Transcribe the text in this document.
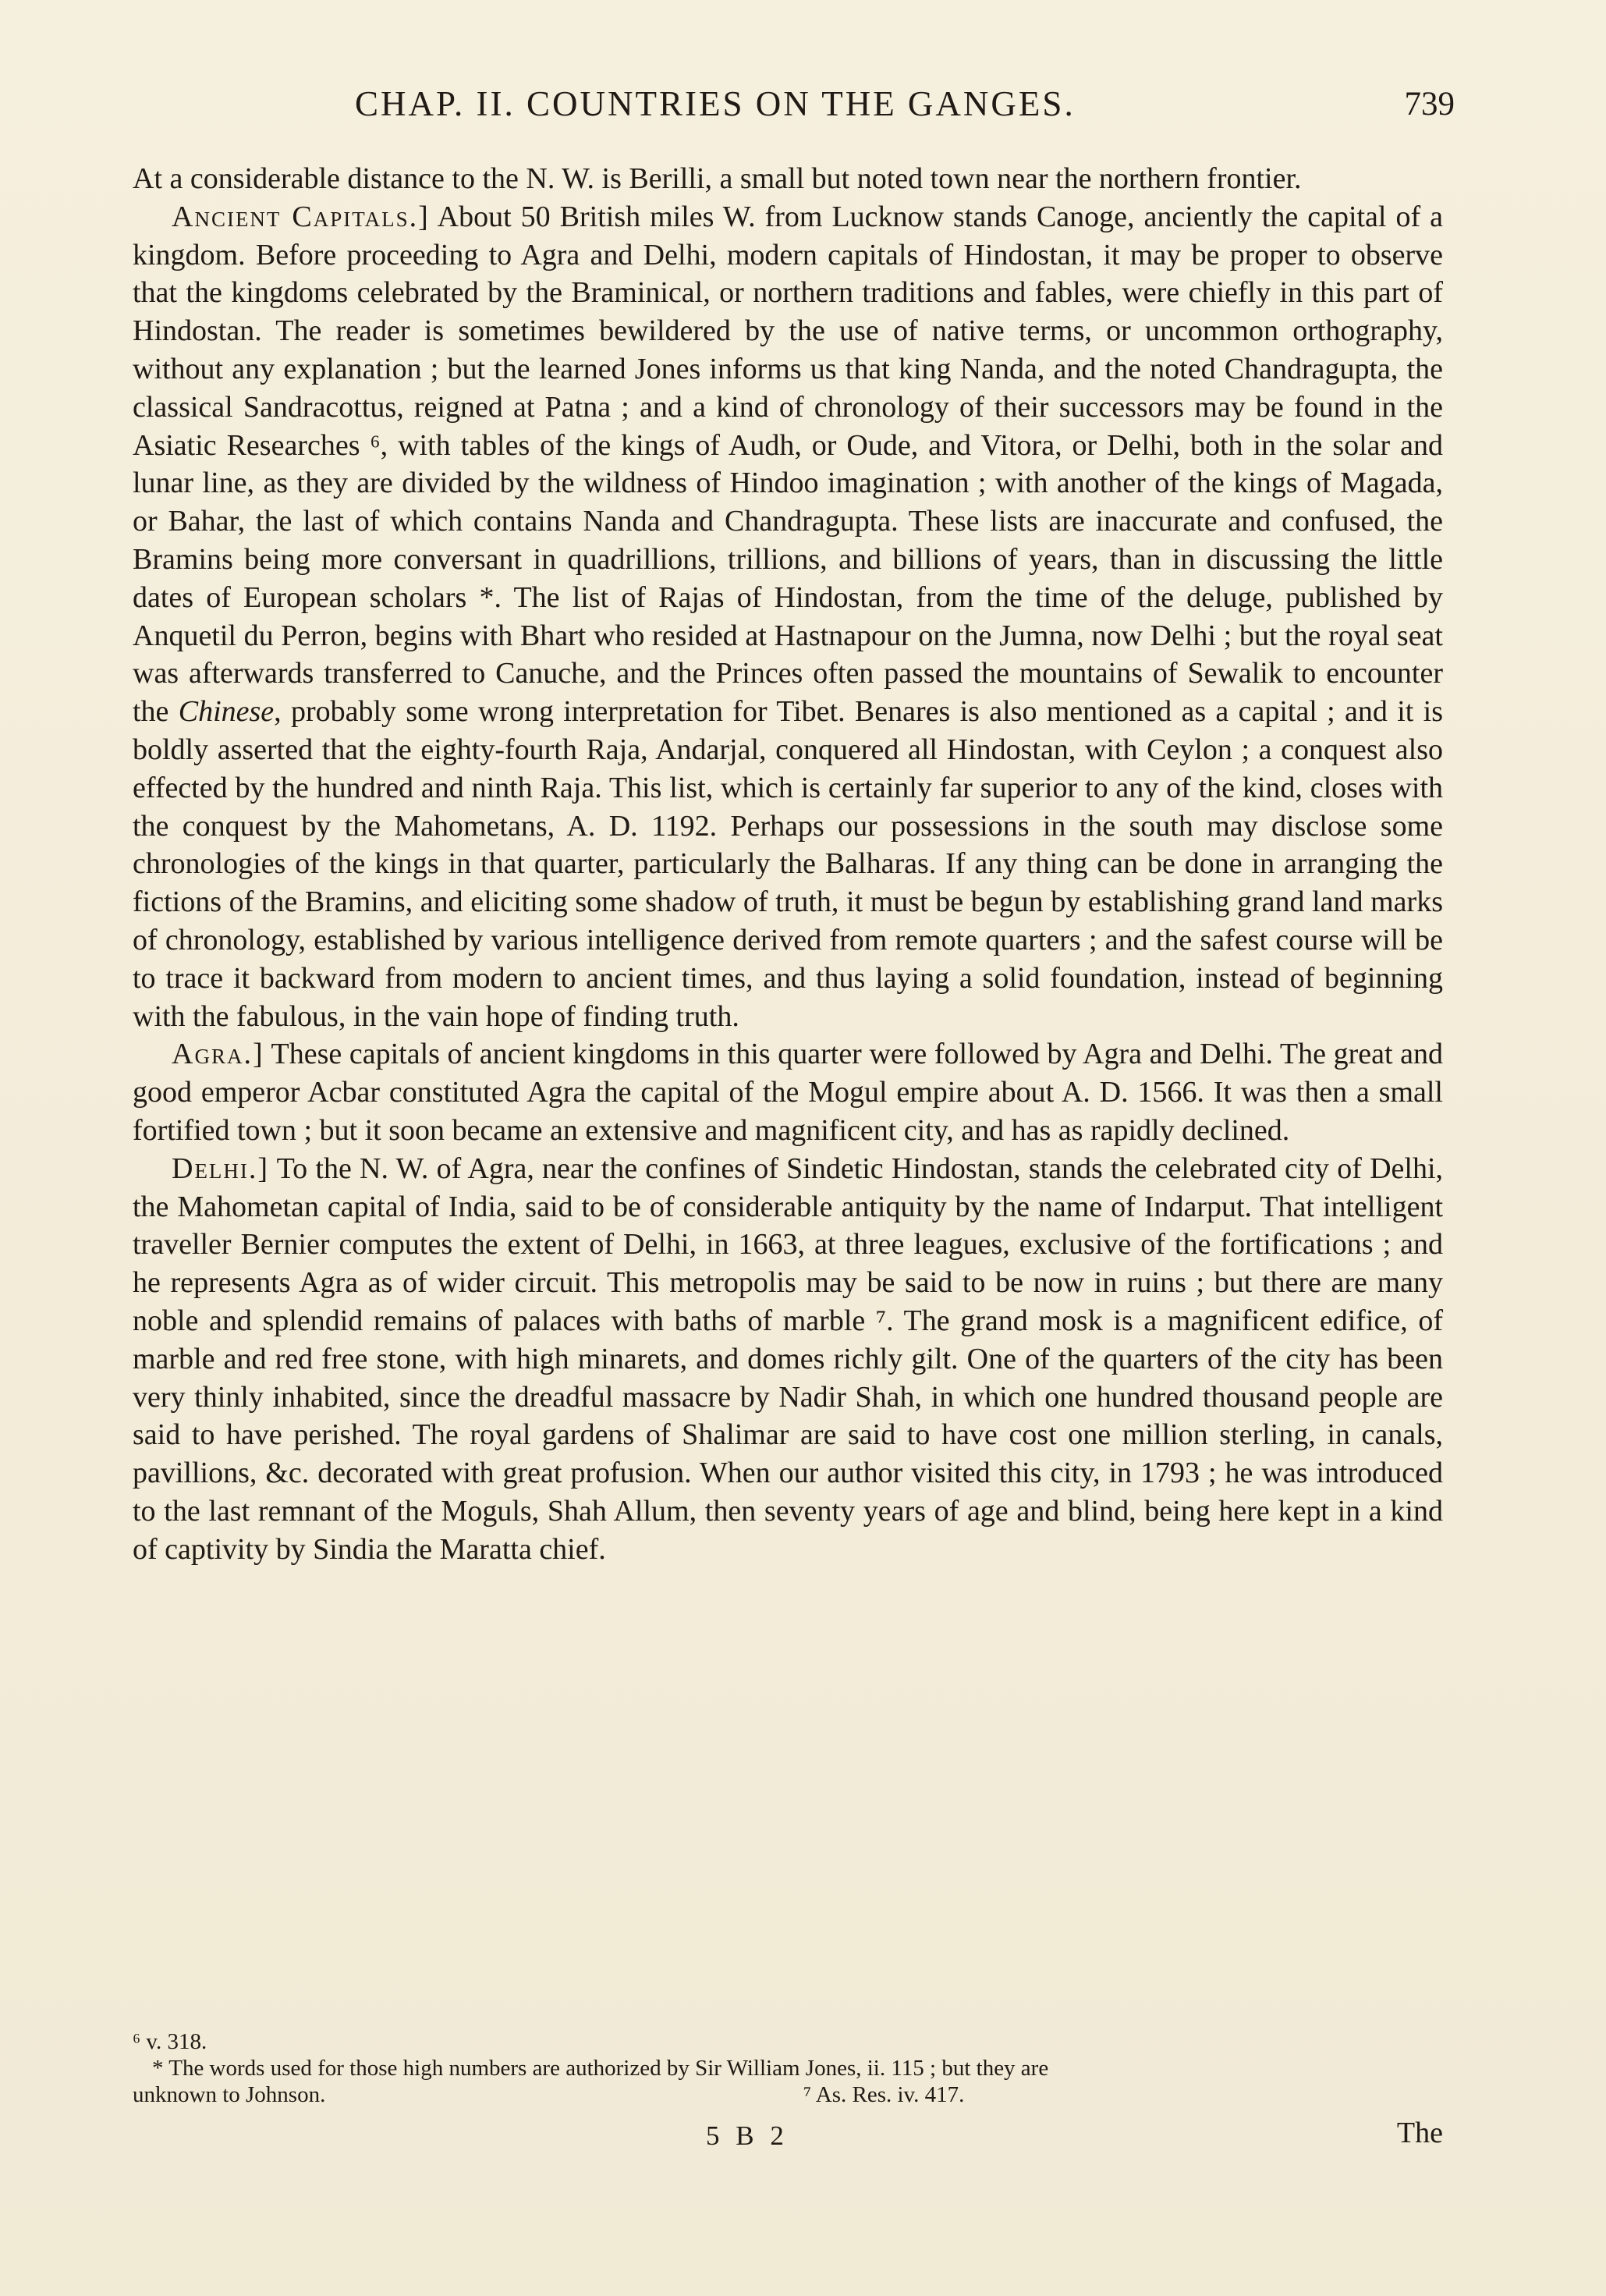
CHAP. II. COUNTRIES ON THE GANGES.	739

At a considerable distance to the N. W. is Berilli, a small but noted town near the northern frontier.

Ancient Capitals.] About 50 British miles W. from Lucknow stands Canoge, anciently the capital of a kingdom. Before proceeding to Agra and Delhi, modern capitals of Hindostan, it may be proper to observe that the kingdoms celebrated by the Braminical, or northern traditions and fables, were chiefly in this part of Hindostan. The reader is sometimes bewildered by the use of native terms, or uncommon orthography, without any explanation ; but the learned Jones informs us that king Nanda, and the noted Chandragupta, the classical Sandracottus, reigned at Patna ; and a kind of chronology of their successors may be found in the Asiatic Researches ⁶, with tables of the kings of Audh, or Oude, and Vitora, or Delhi, both in the solar and lunar line, as they are divided by the wildness of Hindoo imagination ; with another of the kings of Magada, or Bahar, the last of which contains Nanda and Chandragupta. These lists are inaccurate and confused, the Bramins being more conversant in quadrillions, trillions, and billions of years, than in discussing the little dates of European scholars *. The list of Rajas of Hindostan, from the time of the deluge, published by Anquetil du Perron, begins with Bhart who resided at Hastnapour on the Jumna, now Delhi ; but the royal seat was afterwards transferred to Canuche, and the Princes often passed the mountains of Sewalik to encounter the Chinese, probably some wrong interpretation for Tibet. Benares is also mentioned as a capital ; and it is boldly asserted that the eighty-fourth Raja, Andarjal, conquered all Hindostan, with Ceylon ; a conquest also effected by the hundred and ninth Raja. This list, which is certainly far superior to any of the kind, closes with the conquest by the Mahometans, A. D. 1192. Perhaps our possessions in the south may disclose some chronologies of the kings in that quarter, particularly the Balharas. If any thing can be done in arranging the fictions of the Bramins, and eliciting some shadow of truth, it must be begun by establishing grand land marks of chronology, established by various intelligence derived from remote quarters ; and the safest course will be to trace it backward from modern to ancient times, and thus laying a solid foundation, instead of beginning with the fabulous, in the vain hope of finding truth.

Agra.] These capitals of ancient kingdoms in this quarter were followed by Agra and Delhi. The great and good emperor Acbar constituted Agra the capital of the Mogul empire about A. D. 1566. It was then a small fortified town ; but it soon became an extensive and magnificent city, and has as rapidly declined.

Delhi.] To the N. W. of Agra, near the confines of Sindetic Hindostan, stands the celebrated city of Delhi, the Mahometan capital of India, said to be of considerable antiquity by the name of Indarput. That intelligent traveller Bernier computes the extent of Delhi, in 1663, at three leagues, exclusive of the fortifications ; and he represents Agra as of wider circuit. This metropolis may be said to be now in ruins ; but there are many noble and splendid remains of palaces with baths of marble ⁷. The grand mosk is a magnificent edifice, of marble and red free stone, with high minarets, and domes richly gilt. One of the quarters of the city has been very thinly inhabited, since the dreadful massacre by Nadir Shah, in which one hundred thousand people are said to have perished. The royal gardens of Shalimar are said to have cost one million sterling, in canals, pavillions, &c. decorated with great profusion. When our author visited this city, in 1793 ; he was introduced to the last remnant of the Moguls, Shah Allum, then seventy years of age and blind, being here kept in a kind of captivity by Sindia the Maratta chief.

⁶ v. 318.
* The words used for those high numbers are authorized by Sir William Jones, ii. 115 ; but they are
unknown to Johnson.	⁷ As. Res. iv. 417.
5 B 2	The
